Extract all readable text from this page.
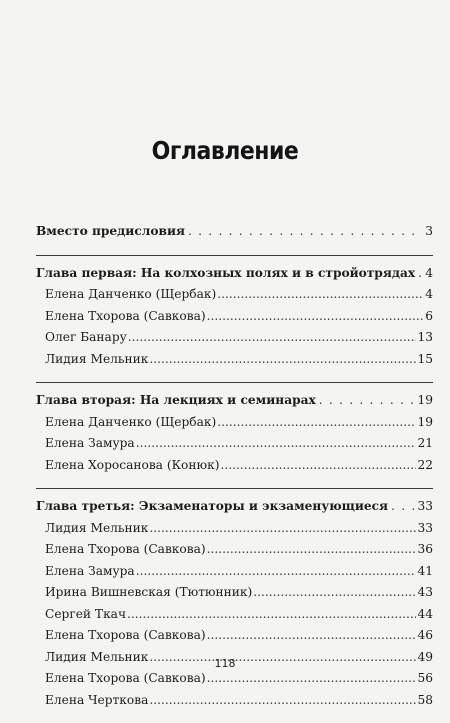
Оглавление
Вместо предисловия . . .	3
Глава первая: На колхозных полях и в стройотрядах . . . 4
Елена Данченко (Щербак) .....	4
Елена Тхорова (Савкова) .....	6
Олег Банару .....	13
Лидия Мельник .....	15
Глава вторая: На лекциях и семинарах . . .	19
Елена Данченко (Щербак) .....	19
Елена Замура .....	21
Елена Хоросанова (Конюк) .....	22
Глава третья: Экзаменаторы и экзаменующиеся . . . 33
Лидия Мельник .....	33
Елена Тхорова (Савкова) .....	36
Елена Замура .....	41
Ирина Вишневская (Тютюнник) .....	43
Сергей Ткач .....	44
Елена Тхорова (Савкова) .....	46
Лидия Мельник .....	49
Елена Тхорова (Савкова) .....	56
Елена Черткова .....	58
118
